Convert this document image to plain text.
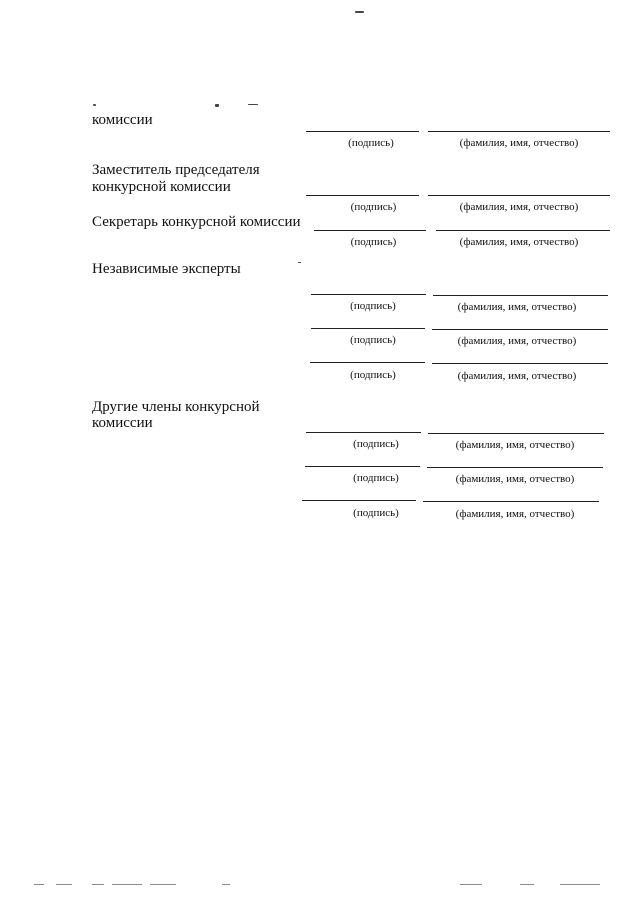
комиссии
(подпись)	(фамилия, имя, отчество)
Заместитель председателя
конкурсной комиссии
(подпись)	(фамилия, имя, отчество)
Секретарь конкурсной комиссии
(подпись)	(фамилия, имя, отчество)
Независимые эксперты
(подпись)	(фамилия, имя, отчество)
(подпись)	(фамилия, имя, отчество)
(подпись)	(фамилия, имя, отчество)
Другие члены конкурсной
комиссии
(подпись)	(фамилия, имя, отчество)
(подпись)	(фамилия, имя, отчество)
(подпись)	(фамилия, имя, отчество)
